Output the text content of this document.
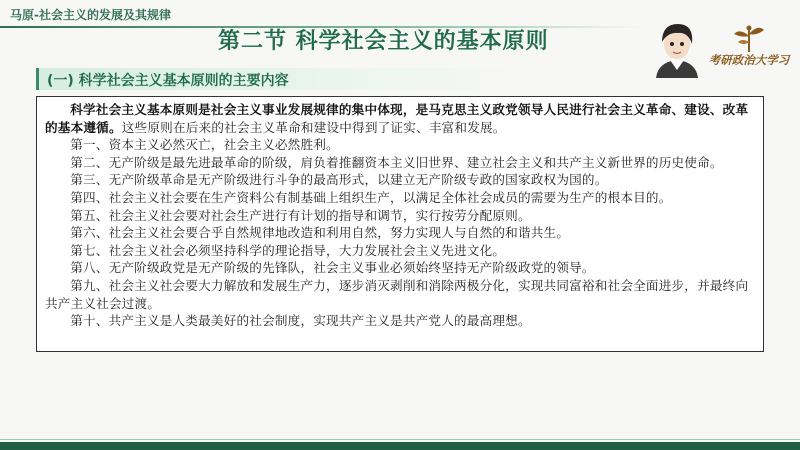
马原-社会主义的发展及其规律
第二节 科学社会主义的基本原则
考研政治大学习
(一) 科学社会主义基本原则的主要内容

科学社会主义基本原则是社会主义事业发展规律的集中体现，是马克思主义政党领导人民进行社会主义革命、建设、改革的基本遵循。这些原则在后来的社会主义革命和建设中得到了证实、丰富和发展。

第一、资本主义必然灭亡，社会主义必然胜利。

第二、无产阶级是最先进最革命的阶级，肩负着推翻资本主义旧世界、建立社会主义和共产主义新世界的历史使命。

第三、无产阶级革命是无产阶级进行斗争的最高形式，以建立无产阶级专政的国家政权为国的。

第四、社会主义社会要在生产资料公有制基础上组织生产，以满足全体社会成员的需要为生产的根本目的。

第五、社会主义社会要对社会生产进行有计划的指导和调节，实行按劳分配原则。

第六、社会主义社会要合乎自然规律地改造和利用自然，努力实现人与自然的和谐共生。

第七、社会主义社会必须坚持科学的理论指导，大力发展社会主义先进文化。

第八、无产阶级政党是无产阶级的先锋队，社会主义事业必须始终坚持无产阶级政党的领导。

第九、社会主义社会要大力解放和发展生产力，逐步消灭剥削和消除两极分化，实现共同富裕和社会全面进步，并最终向共产主义社会过渡。

第十、共产主义是人类最美好的社会制度，实现共产主义是共产党人的最高理想。
